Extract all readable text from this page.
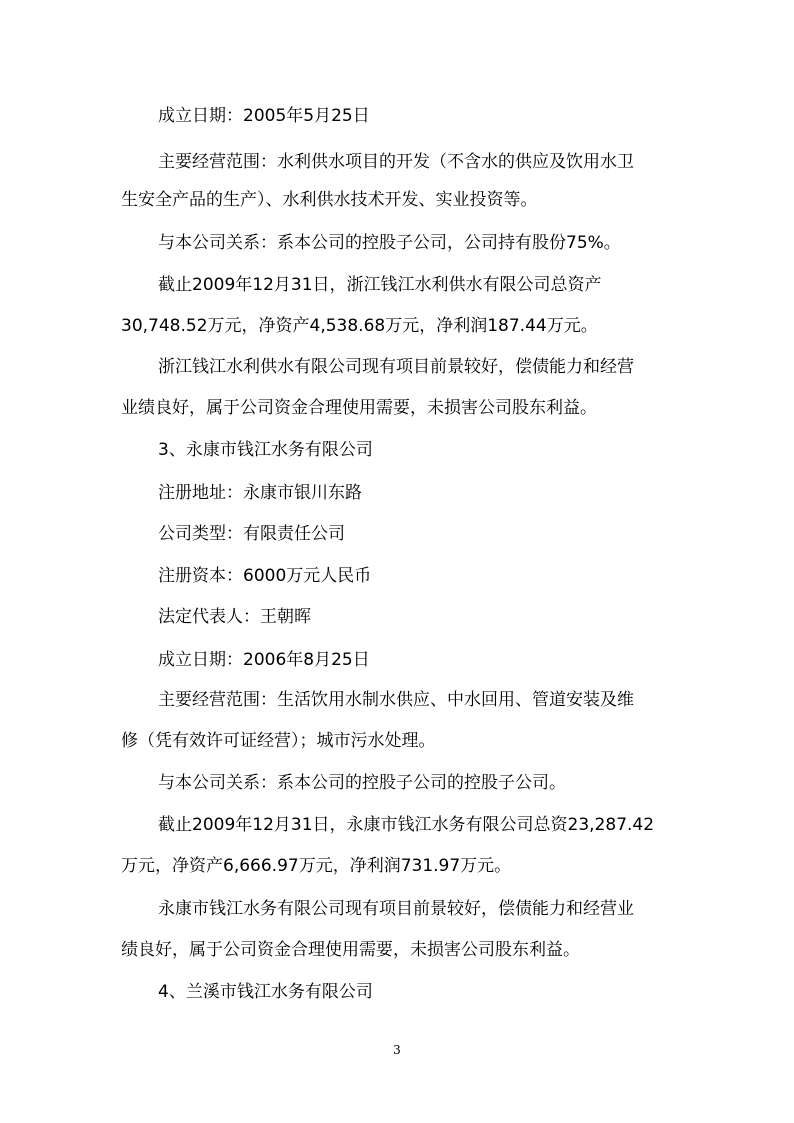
成立日期：2005年5月25日
主要经营范围：水利供水项目的开发（不含水的供应及饮用水卫
生安全产品的生产）、水利供水技术开发、实业投资等。
与本公司关系：系本公司的控股子公司，公司持有股份75%。
截止2009年12月31日，浙江钱江水利供水有限公司总资产
30,748.52万元，净资产4,538.68万元，净利润187.44万元。
浙江钱江水利供水有限公司现有项目前景较好，偿债能力和经营
业绩良好，属于公司资金合理使用需要，未损害公司股东利益。
3、永康市钱江水务有限公司
注册地址：永康市银川东路
公司类型：有限责任公司
注册资本：6000万元人民币
法定代表人：王朝晖
成立日期：2006年8月25日
主要经营范围：生活饮用水制水供应、中水回用、管道安装及维
修（凭有效许可证经营）；城市污水处理。
与本公司关系：系本公司的控股子公司的控股子公司。
截止2009年12月31日，永康市钱江水务有限公司总资23,287.42
万元，净资产6,666.97万元，净利润731.97万元。
永康市钱江水务有限公司现有项目前景较好，偿债能力和经营业
绩良好，属于公司资金合理使用需要，未损害公司股东利益。
4、兰溪市钱江水务有限公司
3
